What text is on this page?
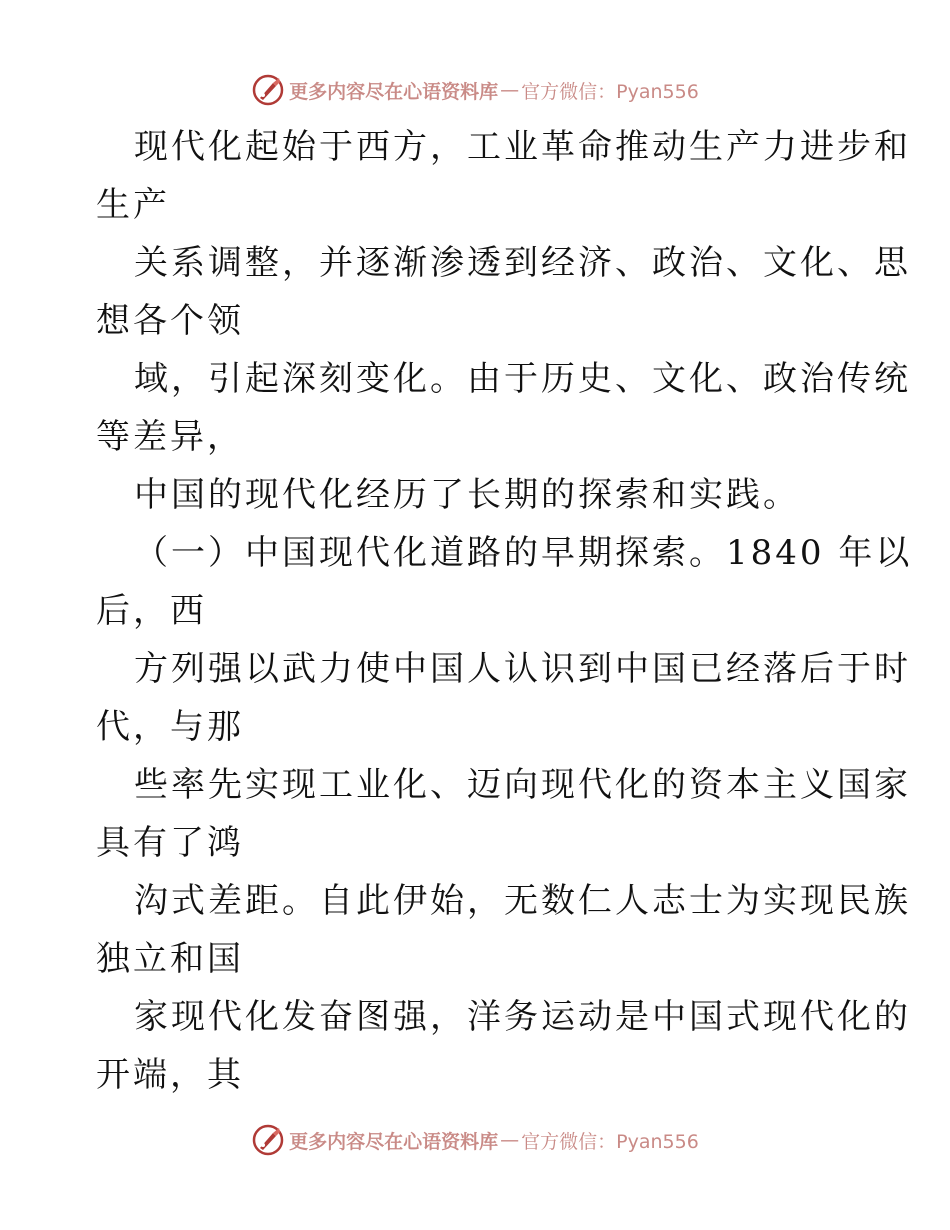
更多内容尽在心语资料库 — 官方微信：Pyan556
现代化起始于西方，工业革命推动生产力进步和
生产
关系调整，并逐渐渗透到经济、政治、文化、思
想各个领
域，引起深刻变化。由于历史、文化、政治传统
等差异，
中国的现代化经历了长期的探索和实践。
（一）中国现代化道路的早期探索。1840 年以
后，西
方列强以武力使中国人认识到中国已经落后于时
代，与那
些率先实现工业化、迈向现代化的资本主义国家
具有了鸿
沟式差距。自此伊始，无数仁人志士为实现民族
独立和国
家现代化发奋图强，洋务运动是中国式现代化的
开端，其
更多内容尽在心语资料库 — 官方微信：Pyan556
